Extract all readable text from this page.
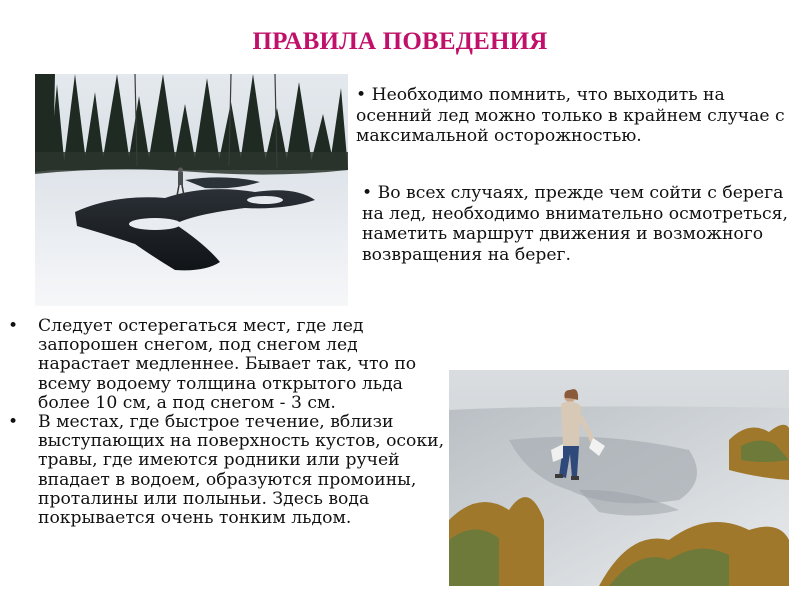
ПРАВИЛА ПОВЕДЕНИЯ

• Необходимо помнить, что выходить на осенний лед можно только в крайнем случае с максимальной осторожностью.

• Во всех случаях, прежде чем сойти с берега на лед, необходимо внимательно осмотреться, наметить маршрут движения и возможного возвращения на берег.

• Следует остерегаться мест, где лед запорошен снегом, под снегом лед нарастает медленнее. Бывает так, что по всему водоему толщина открытого льда более 10 см, а под снегом - 3 см.
• В местах, где быстрое течение, вблизи выступающих на поверхность кустов, осоки, травы, где имеются родники или ручей впадает в водоем, образуются промоины, проталины или полыньи. Здесь вода покрывается очень тонким льдом.
